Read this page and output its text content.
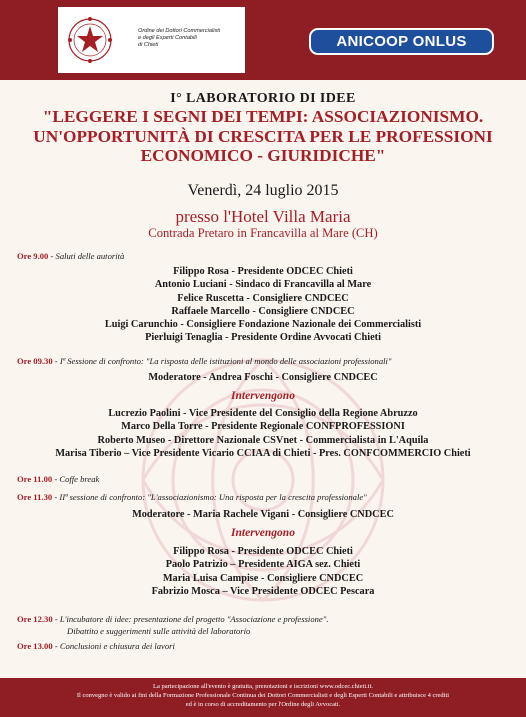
Ordine dei Dottori Commercialisti
e degli Esperti Contabili
di Chieti	ANICOOP ONLUS
I° LABORATORIO DI IDEE
"LEGGERE I SEGNI DEI TEMPI: ASSOCIAZIONISMO.
UN'OPPORTUNITÀ DI CRESCITA PER LE PROFESSIONI
ECONOMICO - GIURIDICHE"
Venerdì, 24 luglio 2015
presso l'Hotel Villa Maria
Contrada Pretaro in Francavilla al Mare (CH)
Ore 9.00 - Saluti delle autorità
Filippo Rosa - Presidente ODCEC Chieti
Antonio Luciani - Sindaco di Francavilla al Mare
Felice Ruscetta - Consigliere CNDCEC
Raffaele Marcello - Consigliere CNDCEC
Luigi Carunchio - Consigliere Fondazione Nazionale dei Commercialisti
Pierluigi Tenaglia - Presidente Ordine Avvocati Chieti
Ore 09.30 - Iª Sessione di confronto: "La risposta delle istituzioni al mondo delle associazioni professionali"
Moderatore - Andrea Foschi - Consigliere CNDCEC
Intervengono
Lucrezio Paolini - Vice Presidente del Consiglio della Regione Abruzzo
Marco Della Torre - Presidente Regionale CONFPROFESSIONI
Roberto Museo - Direttore Nazionale CSVnet - Commercialista in L'Aquila
Marisa Tiberio – Vice Presidente Vicario CCIAA di Chieti - Pres. CONFCOMMERCIO Chieti
Ore 11.00 - Coffe break
Ore 11.30 - IIª sessione di confronto: "L'associazionismo: Una risposta per la crescita professionale"
Moderatore - Maria Rachele Vigani - Consigliere CNDCEC
Intervengono
Filippo Rosa - Presidente ODCEC Chieti
Paolo Patrizio – Presidente AIGA sez. Chieti
Maria Luisa Campise - Consigliere CNDCEC
Fabrizio Mosca – Vice Presidente ODCEC Pescara
Ore 12.30 - L'incubatore di idee: presentazione del progetto "Associazione e professione".
Dibattito e suggerimenti sulle attività del laboratorio
Ore 13.00 - Conclusioni e chiusura dei lavori
La partecipazione all'evento è gratuita, prenotazioni e iscrizioni www.odcec.chieti.it.
Il convegno è valido ai fini della Formazione Professionale Continua dei Dottori Commercialisti e degli Esperti Contabili e attribuisce 4 crediti
ed è in corso di accreditamento per l'Ordine degli Avvocati.
